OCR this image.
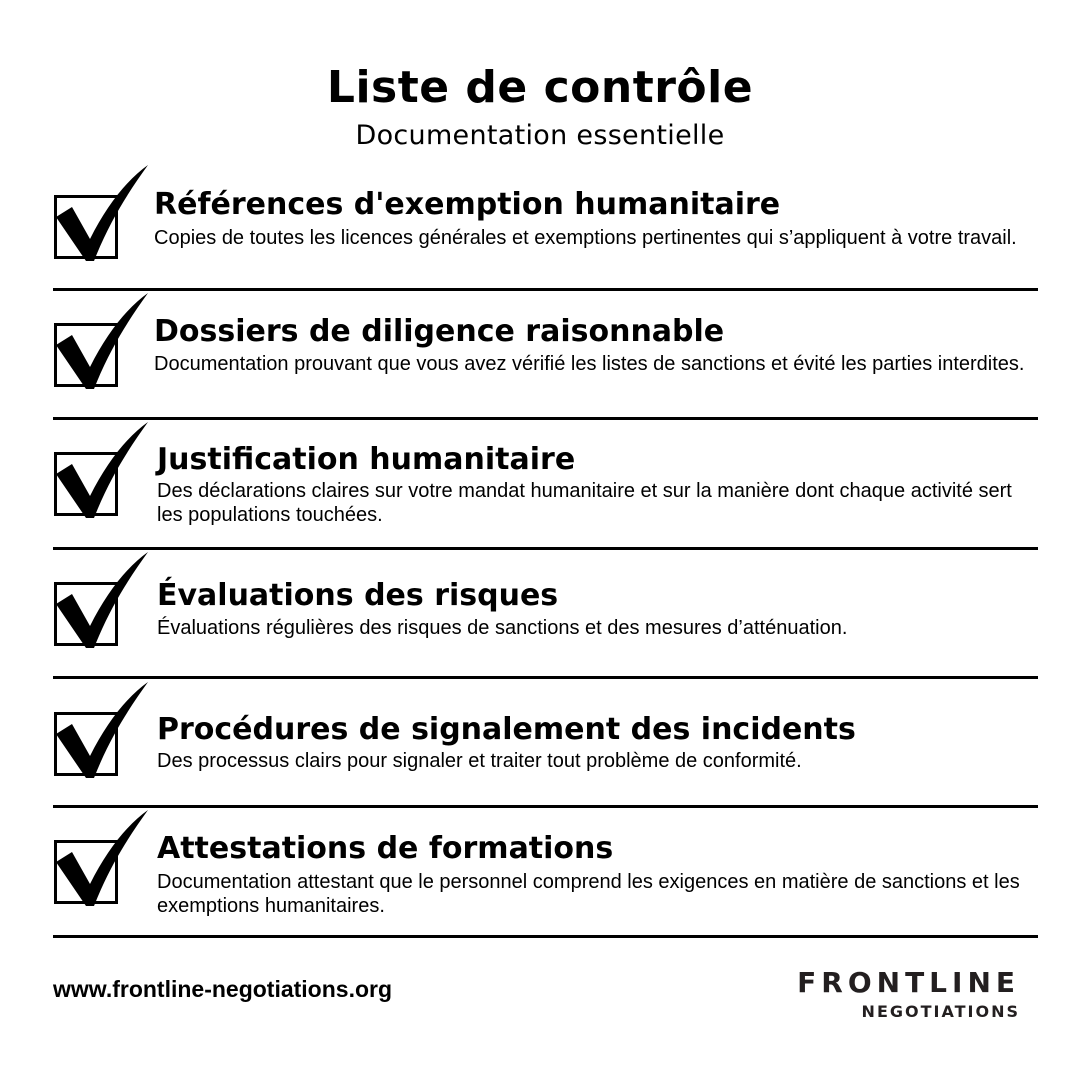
Liste de contrôle
Documentation essentielle
Références d'exemption humanitaire
Copies de toutes les licences générales et exemptions pertinentes qui s’appliquent à votre travail.
Dossiers de diligence raisonnable
Documentation prouvant que vous avez vérifié les listes de sanctions et évité les parties interdites.
Justification humanitaire
Des déclarations claires sur votre mandat humanitaire et sur la manière dont chaque activité sert les populations touchées.
Évaluations des risques
Évaluations régulières des risques de sanctions et des mesures d’atténuation.
Procédures de signalement des incidents
Des processus clairs pour signaler et traiter tout problème de conformité.
Attestations de formations
Documentation attestant que le personnel comprend les exigences en matière de sanctions et les exemptions humanitaires.
www.frontline-negotiations.org	FRONTLINE
NEGOTIATIONS
